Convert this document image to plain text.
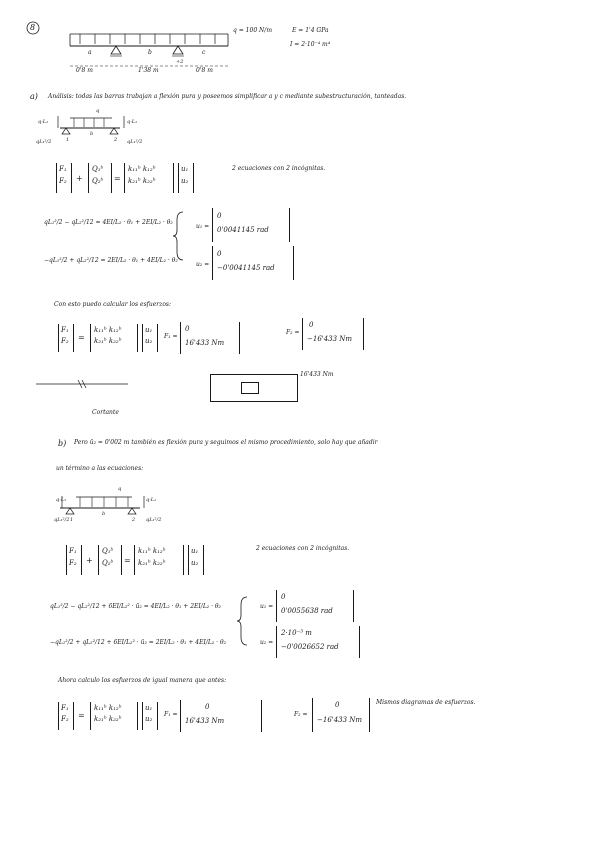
8	q = 100 N/m	E = 1'4 GPa
I = 2·10⁻⁴ m⁴
a	b	c
0'8 m	1'38 m
+2
0'8 m
a) Análisis: todas las barras trabajan a flexión pura y poseemos simplificar a y c mediante subestructuración, tanteadas.
q·L₁
qL₁²/2
q·L₁
qL₁²/2
q
1
b
2
F₁
F₂ +
Q₁ᵇ
Q₂ᵇ =
k₁₁ᵇ k₁₂ᵇ
k₂₁ᵇ k₂₂ᵇ
u₁
u₂
2 ecuaciones con 2 incógnitas.
qL₁²/2 − qL₂²/12 = 4EI/L₂ · θ₁ + 2EI/L₂ · θ₂
−qL₁²/2 + qL₂²/12 = 2EI/L₂ · θ₁ + 4EI/L₂ · θ₂
u₁ =
0
0'0041145 rad
u₂ =
0
−0'0041145 rad
Con esto puedo calcular los esfuerzos:
F₁
F₂ =
k₁₁ᵇ k₁₂ᵇ
k₂₁ᵇ k₂₂ᵇ
u₁
u₂
F₁ =
0
16'433 Nm
F₂ =
0
−16'433 Nm
16'433 Nm
Cortante
b) Pero ū₂ = 0'002 m también es flexión pura y seguimos el mismo procedimiento, solo hay que añadir
un término a las ecuaciones:
q·L₁
qL₁²/2
q·L₁
qL₁²/2
q
1
b
2
F₁
F₂ +
Q₁ᵇ
Q₂ᵇ =
k₁₁ᵇ k₁₂ᵇ
k₂₁ᵇ k₂₂ᵇ
u₁
u₂
2 ecuaciones con 2 incógnitas.
qL₁²/2 − qL₂²/12 + 6EI/L₂² · ū₂ = 4EI/L₂ · θ₁ + 2EI/L₂ · θ₂
−qL₁²/2 + qL₂²/12 + 6EI/L₂² · ū₂ = 2EI/L₂ · θ₁ + 4EI/L₂ · θ₂
u₁ =
0
0'0055638 rad
u₂ =
2·10⁻³ m
−0'0026652 rad
Ahora calculo los esfuerzos de igual manera que antes:
F₁
F₂ =
k₁₁ᵇ k₁₂ᵇ
k₂₁ᵇ k₂₂ᵇ
u₁
u₂
F₁ =
0
16'433 Nm
F₂ =
0
−16'433 Nm
Mismos diagramas de esfuerzos.
